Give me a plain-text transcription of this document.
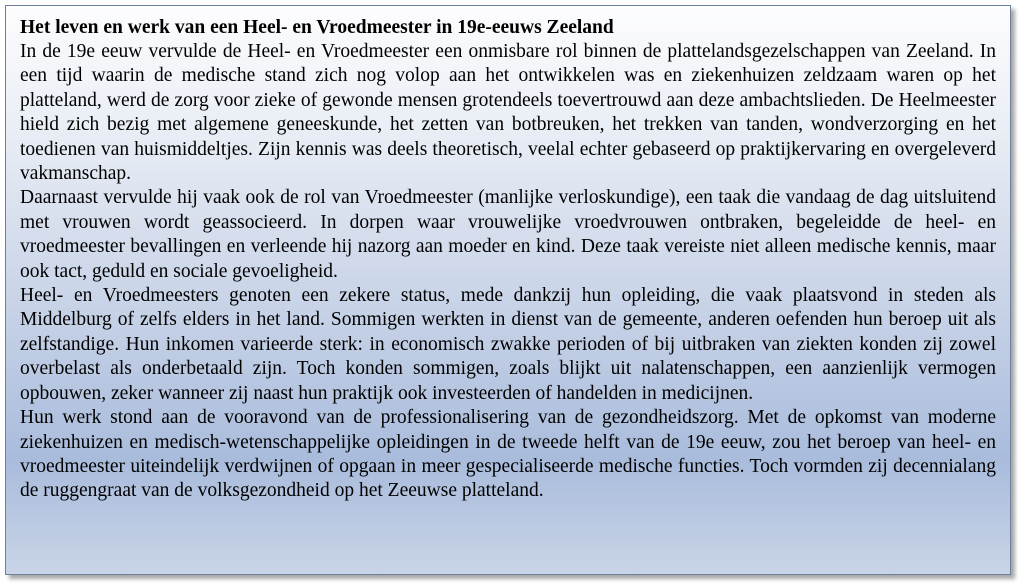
Het leven en werk van een Heel- en Vroedmeester in 19e-eeuws Zeeland

In de 19e eeuw vervulde de Heel- en Vroedmeester een onmisbare rol binnen de plattelandsgezelschappen van Zeeland. In een tijd waarin de medische stand zich nog volop aan het ontwikkelen was en ziekenhuizen zeldzaam waren op het platteland, werd de zorg voor zieke of gewonde mensen grotendeels toevertrouwd aan deze ambachtslieden. De Heelmeester hield zich bezig met algemene geneeskunde, het zetten van botbreuken, het trekken van tanden, wondverzorging en het toedienen van huismiddeltjes. Zijn kennis was deels theoretisch, veelal echter gebaseerd op praktijkervaring en overgeleverd vakmanschap.

Daarnaast vervulde hij vaak ook de rol van Vroedmeester (manlijke verloskundige), een taak die vandaag de dag uitsluitend met vrouwen wordt geassocieerd. In dorpen waar vrouwelijke vroedvrouwen ontbraken, begeleidde de heel- en vroedmeester bevallingen en verleende hij nazorg aan moeder en kind. Deze taak vereiste niet alleen medische kennis, maar ook tact, geduld en sociale gevoeligheid.

Heel- en Vroedmeesters genoten een zekere status, mede dankzij hun opleiding, die vaak plaatsvond in steden als Middelburg of zelfs elders in het land. Sommigen werkten in dienst van de gemeente, anderen oefenden hun beroep uit als zelfstandige. Hun inkomen varieerde sterk: in economisch zwakke perioden of bij uitbraken van ziekten konden zij zowel overbelast als onderbetaald zijn. Toch konden sommigen, zoals blijkt uit nalatenschappen, een aanzienlijk vermogen opbouwen, zeker wanneer zij naast hun praktijk ook investeerden of handelden in medicijnen.

Hun werk stond aan de vooravond van de professionalisering van de gezondheidszorg. Met de opkomst van moderne ziekenhuizen en medisch-wetenschappelijke opleidingen in de tweede helft van de 19e eeuw, zou het beroep van heel- en vroedmeester uiteindelijk verdwijnen of opgaan in meer gespecialiseerde medische functies. Toch vormden zij decennialang de ruggengraat van de volksgezondheid op het Zeeuwse platteland.
